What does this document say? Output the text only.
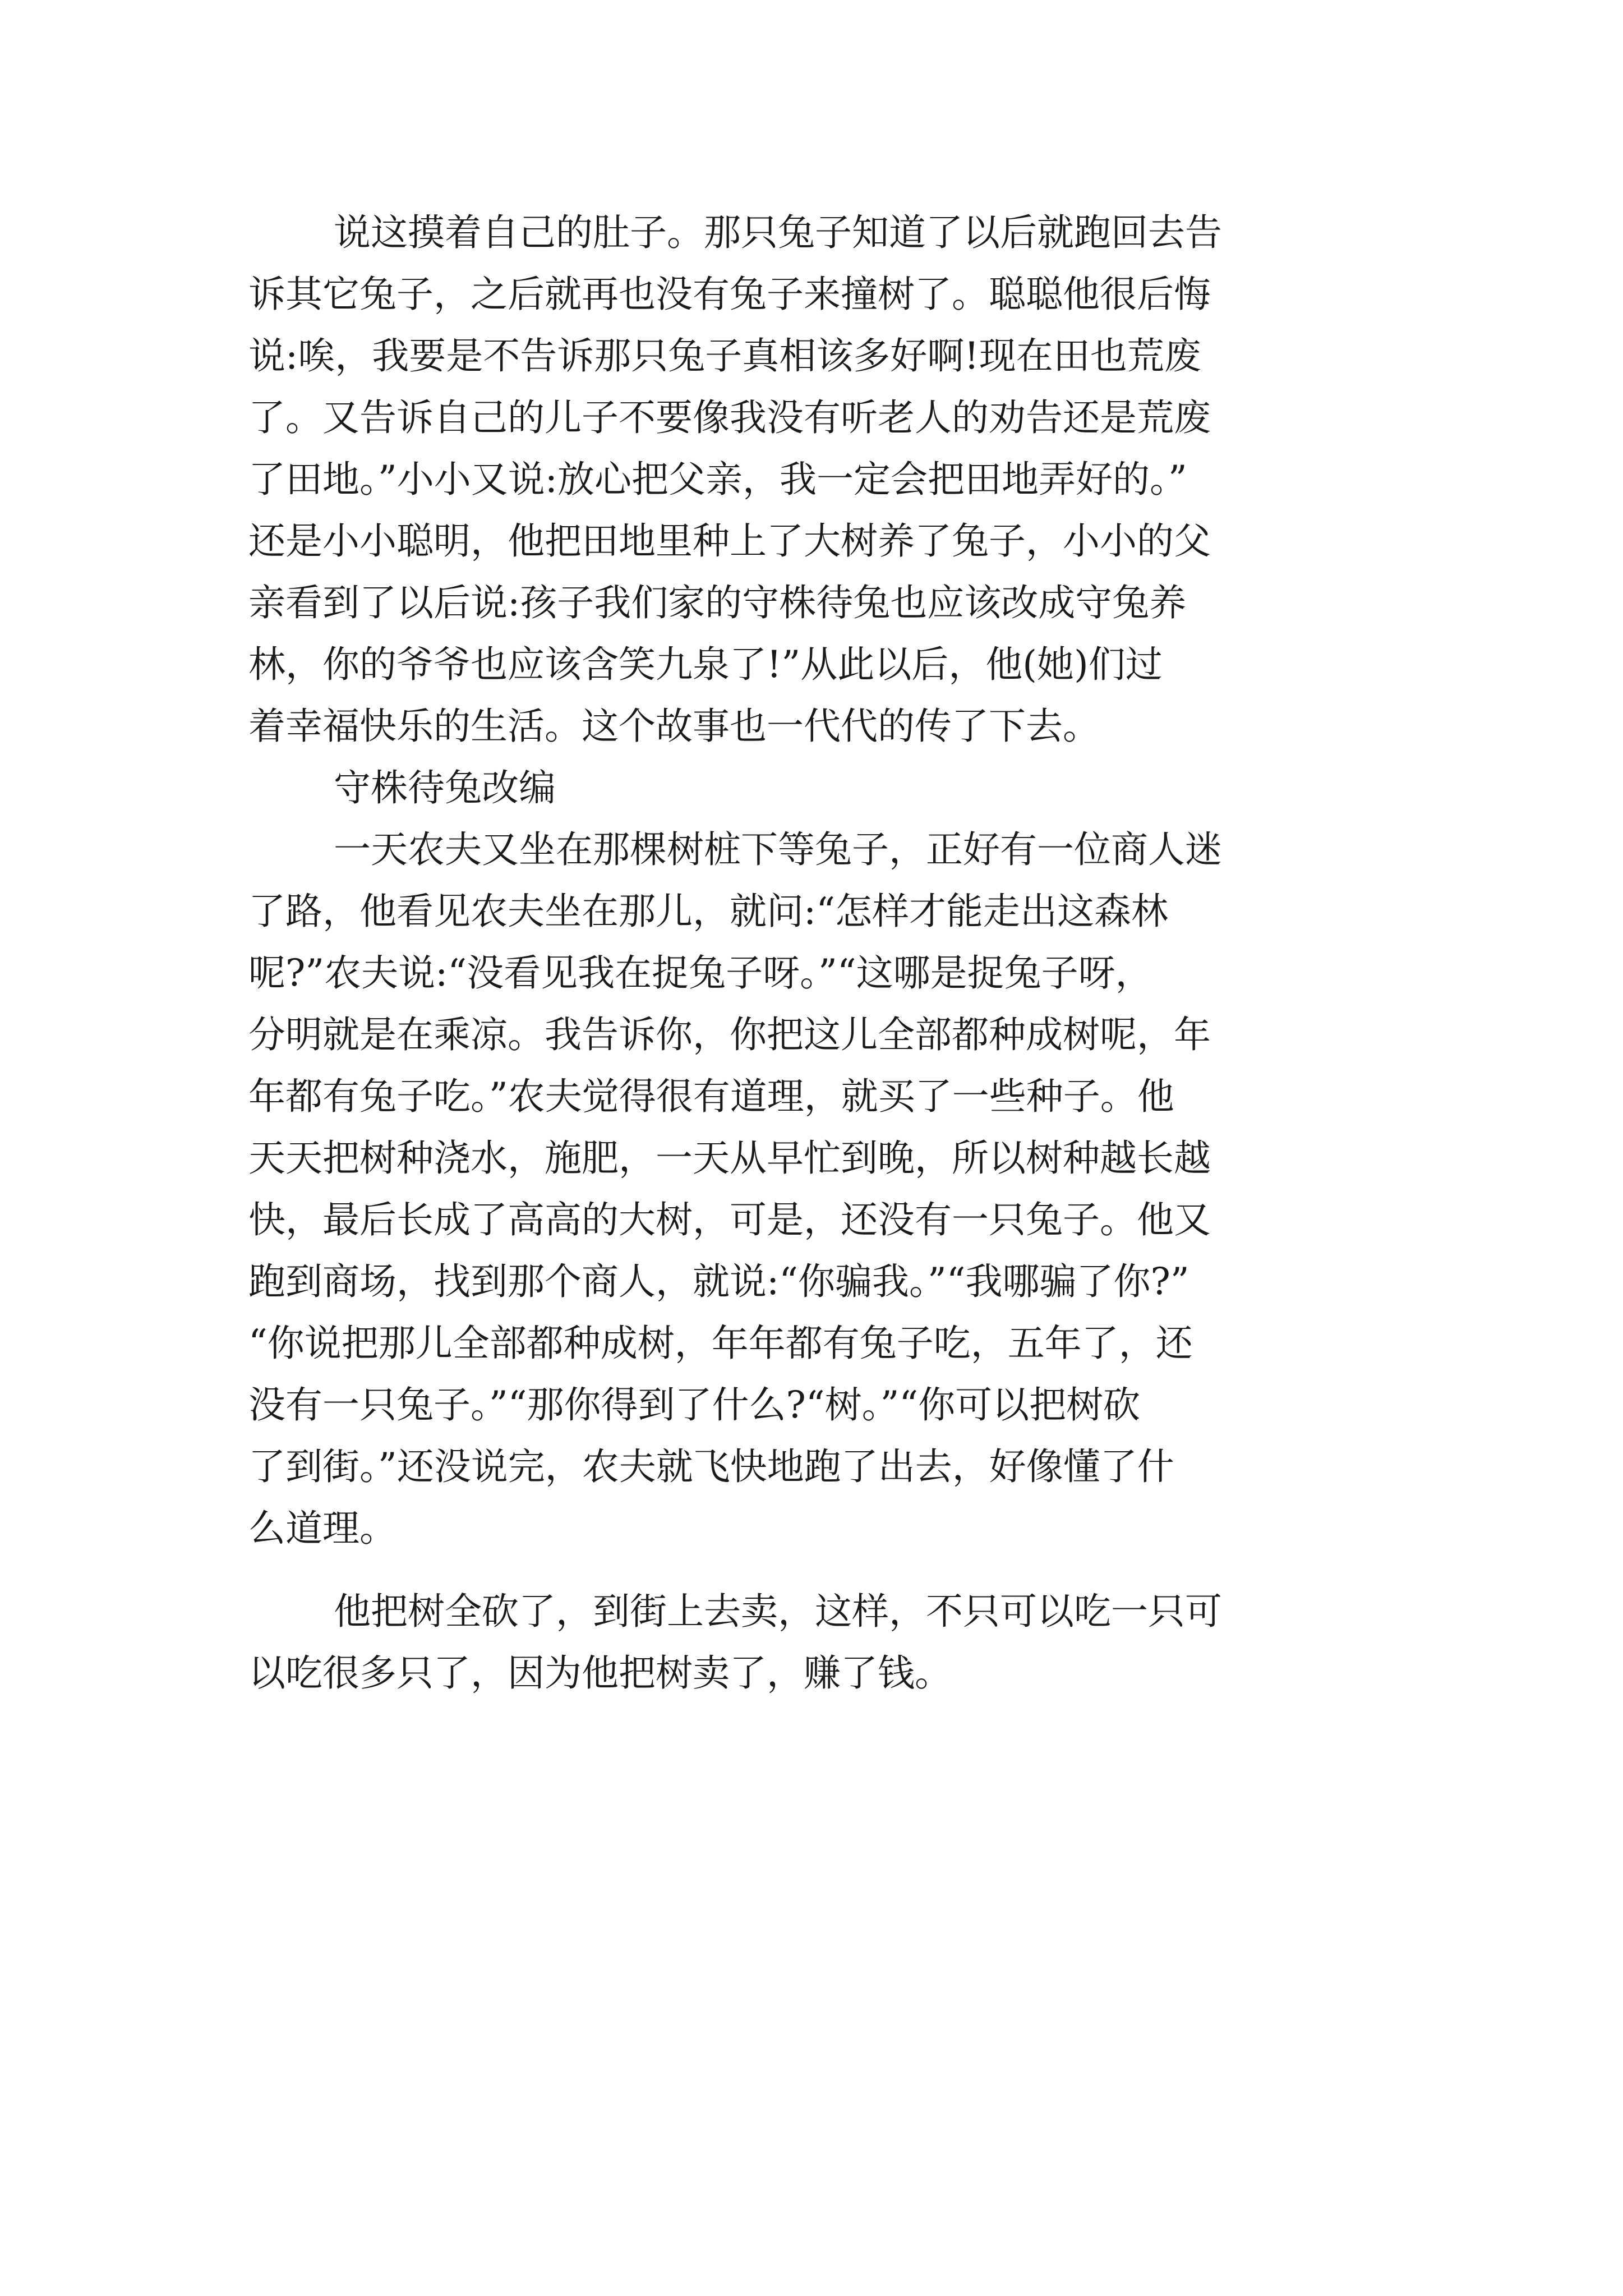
说这摸着自己的肚子。那只兔子知道了以后就跑回去告
诉其它兔子，之后就再也没有兔子来撞树了。聪聪他很后悔
说:唉，我要是不告诉那只兔子真相该多好啊!现在田也荒废
了。又告诉自己的儿子不要像我没有听老人的劝告还是荒废
了田地。”小小又说:放心把父亲，我一定会把田地弄好的。”
还是小小聪明，他把田地里种上了大树养了兔子，小小的父
亲看到了以后说:孩子我们家的守株待兔也应该改成守兔养
林，你的爷爷也应该含笑九泉了!”从此以后，他(她)们过
着幸福快乐的生活。这个故事也一代代的传了下去。
守株待兔改编
一天农夫又坐在那棵树桩下等兔子，正好有一位商人迷
了路，他看见农夫坐在那儿，就问:“怎样才能走出这森林
呢?”农夫说:“没看见我在捉兔子呀。”“这哪是捉兔子呀，
分明就是在乘凉。我告诉你，你把这儿全部都种成树呢，年
年都有兔子吃。”农夫觉得很有道理，就买了一些种子。他
天天把树种浇水，施肥，一天从早忙到晚，所以树种越长越
快，最后长成了高高的大树，可是，还没有一只兔子。他又
跑到商场，找到那个商人，就说:“你骗我。”“我哪骗了你?”
“你说把那儿全部都种成树，年年都有兔子吃，五年了，还
没有一只兔子。”“那你得到了什么?“树。”“你可以把树砍
了到街。”还没说完，农夫就飞快地跑了出去，好像懂了什
么道理。
他把树全砍了，到街上去卖，这样，不只可以吃一只可
以吃很多只了，因为他把树卖了，赚了钱。
